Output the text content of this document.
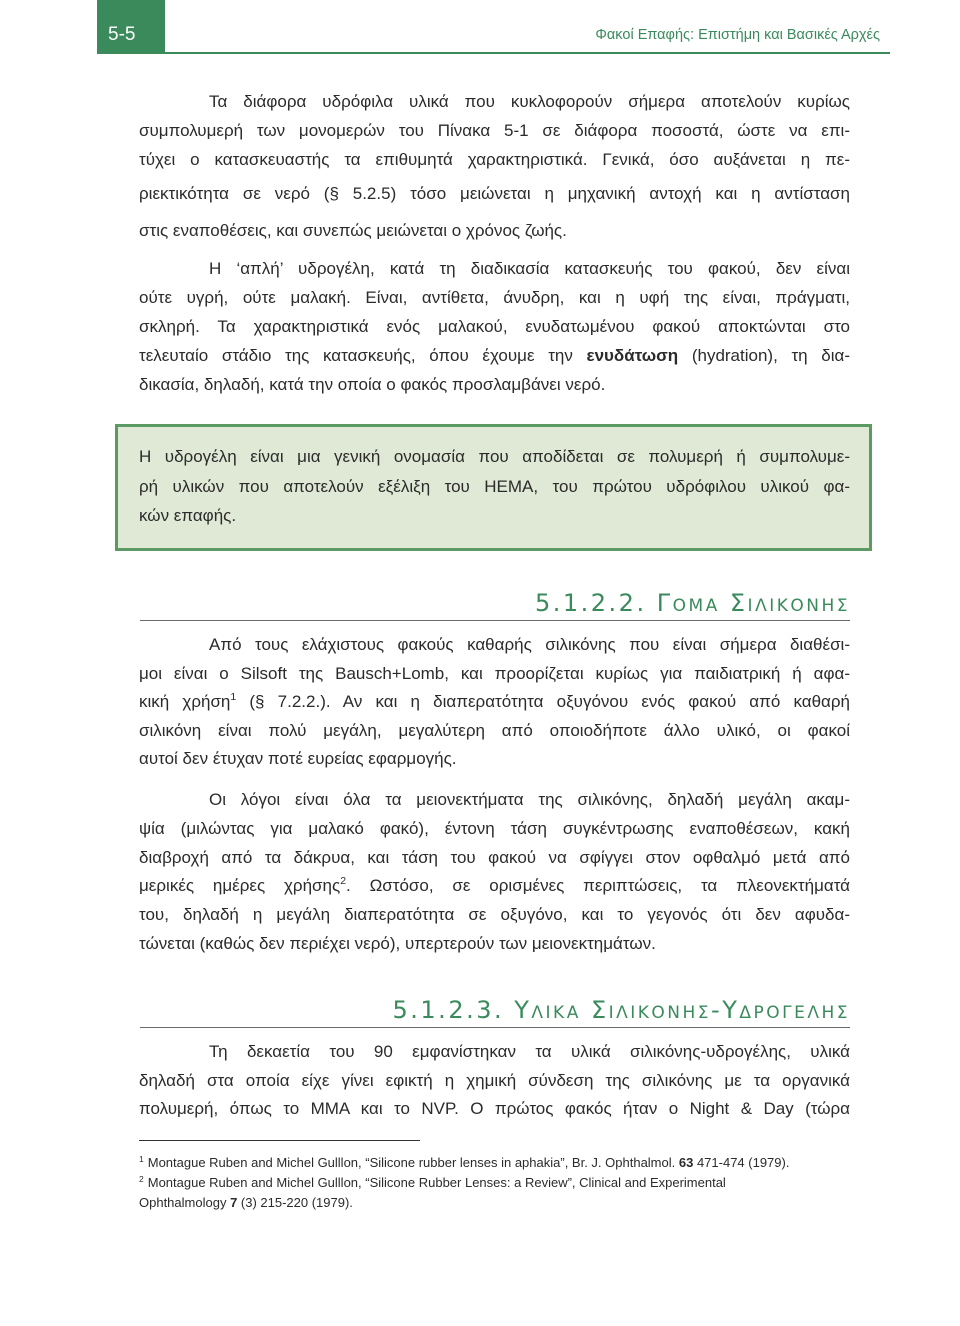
5-5	Φακοί Επαφής: Επιστήμη και Βασικές Αρχές
Τα διάφορα υδρόφιλα υλικά που κυκλοφορούν σήμερα αποτελούν κυρίως
συμπολυμερή των μονομερών του Πίνακα 5-1 σε διάφορα ποσοστά, ώστε να επι-
τύχει ο κατασκευαστής τα επιθυμητά χαρακτηριστικά. Γενικά, όσο αυξάνεται η πε-
ριεκτικότητα σε νερό (§ 5.2.5) τόσο μειώνεται η μηχανική αντοχή και η αντίσταση
στις εναποθέσεις, και συνεπώς μειώνεται ο χρόνος ζωής.
Η ‘απλή’ υδρογέλη, κατά τη διαδικασία κατασκευής του φακού, δεν είναι
ούτε υγρή, ούτε μαλακή. Είναι, αντίθετα, άνυδρη, και η υφή της είναι, πράγματι,
σκληρή. Τα χαρακτηριστικά ενός μαλακού, ενυδατωμένου φακού αποκτώνται στο
τελευταίο στάδιο της κατασκευής, όπου έχουμε την ενυδάτωση (hydration), τη δια-
δικασία, δηλαδή, κατά την οποία ο φακός προσλαμβάνει νερό.
Η υδρογέλη είναι μια γενική ονομασία που αποδίδεται σε πολυμερή ή συμπολυμε-
ρή υλικών που αποτελούν εξέλιξη του HEMA, του πρώτου υδρόφιλου υλικού φα-
κών επαφής.
5.1.2.2. Γομα Σιλικονης
Από τους ελάχιστους φακούς καθαρής σιλικόνης που είναι σήμερα διαθέσι-
μοι είναι ο Silsoft της Bausch+Lomb, και προορίζεται κυρίως για παιδιατρική ή αφα-
κική χρήση$^1$ (§ 7.2.2.). Αν και η διαπερατότητα οξυγόνου ενός φακού από καθαρή
σιλικόνη είναι πολύ μεγάλη, μεγαλύτερη από οποιοδήποτε άλλο υλικό, οι φακοί
αυτοί δεν έτυχαν ποτέ ευρείας εφαρμογής.
Οι λόγοι είναι όλα τα μειονεκτήματα της σιλικόνης, δηλαδή μεγάλη ακαμ-
ψία (μιλώντας για μαλακό φακό), έντονη τάση συγκέντρωσης εναποθέσεων, κακή
διαβροχή από τα δάκρυα, και τάση του φακού να σφίγγει στον οφθαλμό μετά από
μερικές ημέρες χρήσης$^2$. Ωστόσο, σε ορισμένες περιπτώσεις, τα πλεονεκτήματά
του, δηλαδή η μεγάλη διαπερατότητα σε οξυγόνο, και το γεγονός ότι δεν αφυδα-
τώνεται (καθώς δεν περιέχει νερό), υπερτερούν των μειονεκτημάτων.
5.1.2.3. Υλικα Σιλικονης-Υδρογελης
Τη δεκαετία του 90 εμφανίστηκαν τα υλικά σιλικόνης-υδρογέλης, υλικά
δηλαδή στα οποία είχε γίνει εφικτή η χημική σύνδεση της σιλικόνης με τα οργανικά
πολυμερή, όπως το MMA και το NVP. Ο πρώτος φακός ήταν ο Night & Day (τώρα
$^1$ Montague Ruben and Michel Gulllon, “Silicone rubber lenses in aphakia”, Br. J. Ophthalmol. 63 471-474 (1979).
$^2$ Montague Ruben and Michel Gulllon, “Silicone Rubber Lenses: a Review”, Clinical and Experimental
Ophthalmology 7 (3) 215-220 (1979).
